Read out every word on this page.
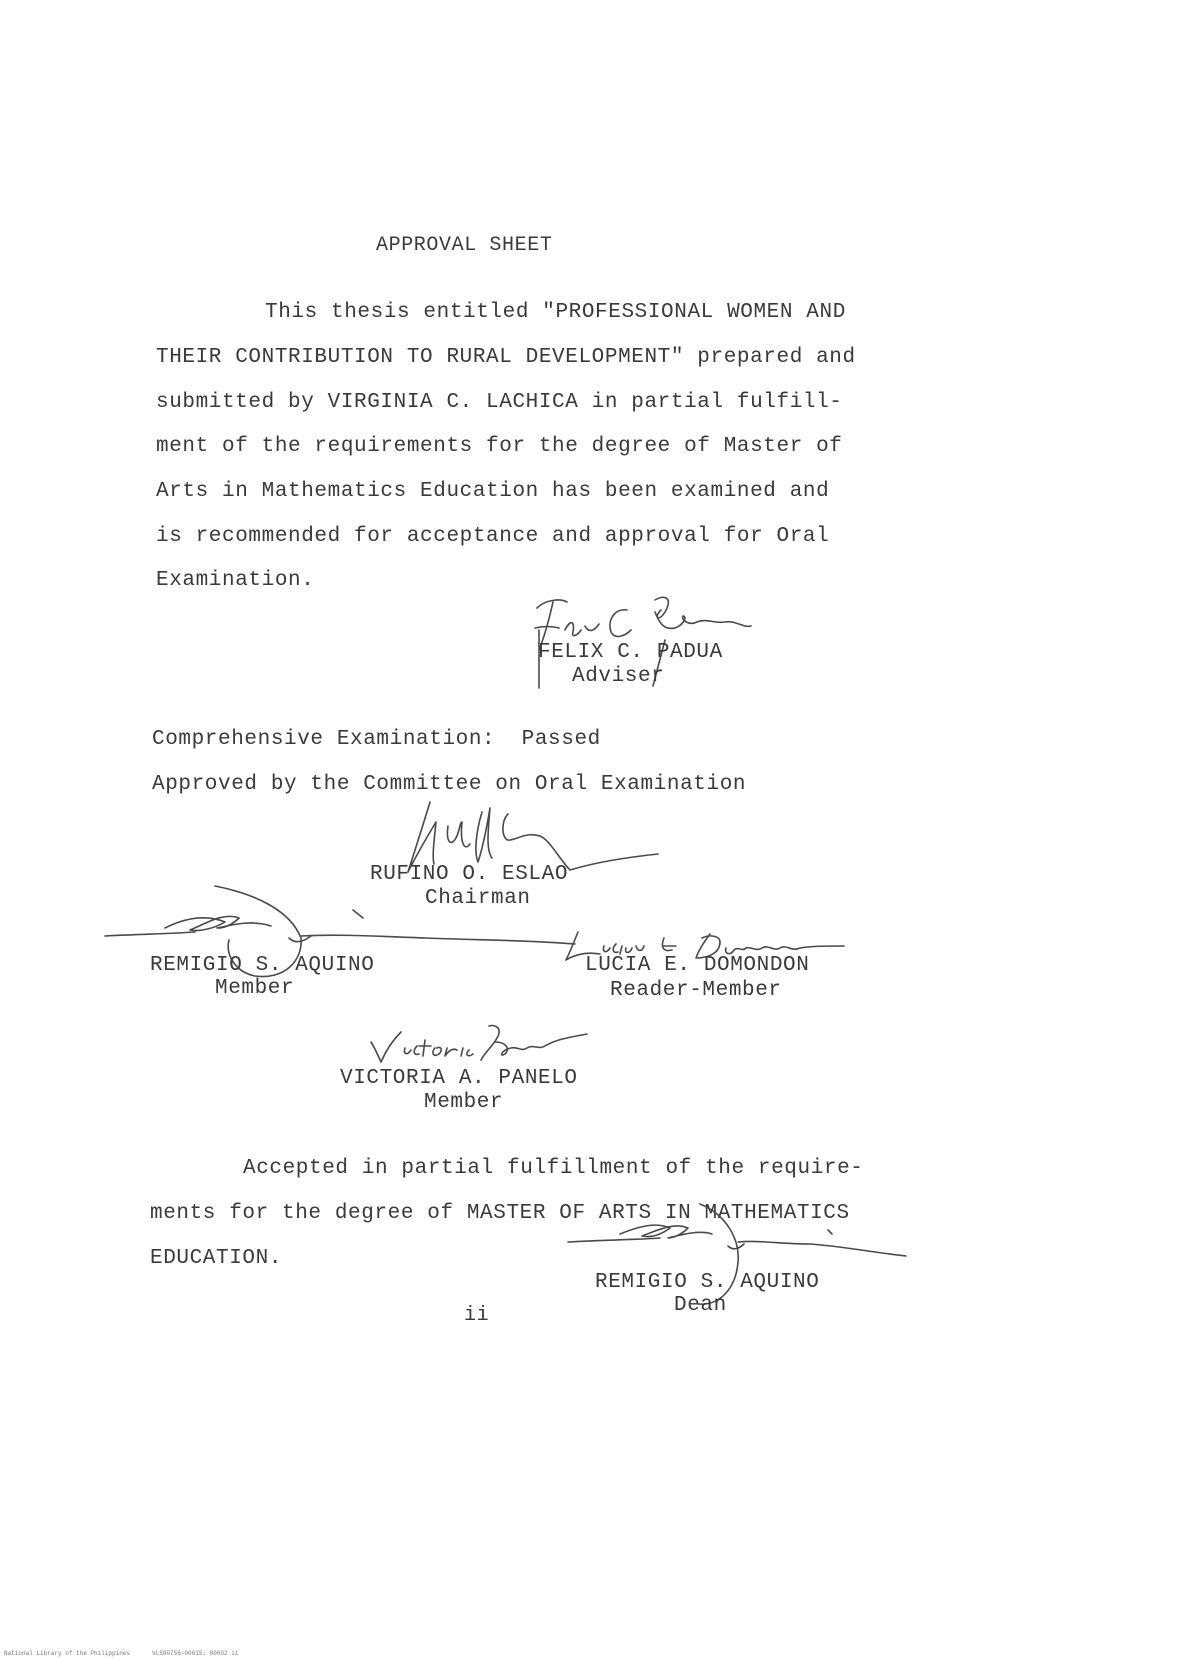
APPROVAL SHEET
This thesis entitled "PROFESSIONAL WOMEN AND
THEIR CONTRIBUTION TO RURAL DEVELOPMENT" prepared and
submitted by VIRGINIA C. LACHICA in partial fulfill-
ment of the requirements for the degree of Master of
Arts in Mathematics Education has been examined and
is recommended for acceptance and approval for Oral
Examination.
FELIX C. PADUA
Adviser
Comprehensive Examination:  Passed
Approved by the Committee on Oral Examination
RUFINO O. ESLAO
Chairman
REMIGIO S. AQUINO
Member
LUCIA E. DOMONDON
Reader-Member
VICTORIA A. PANELO
Member
Accepted in partial fulfillment of the require-
ments for the degree of MASTER OF ARTS IN MATHEMATICS
EDUCATION.
REMIGIO S. AQUINO
Dean
ii
National Library of the Philippines	VLS00756-00015: 00002 ii
